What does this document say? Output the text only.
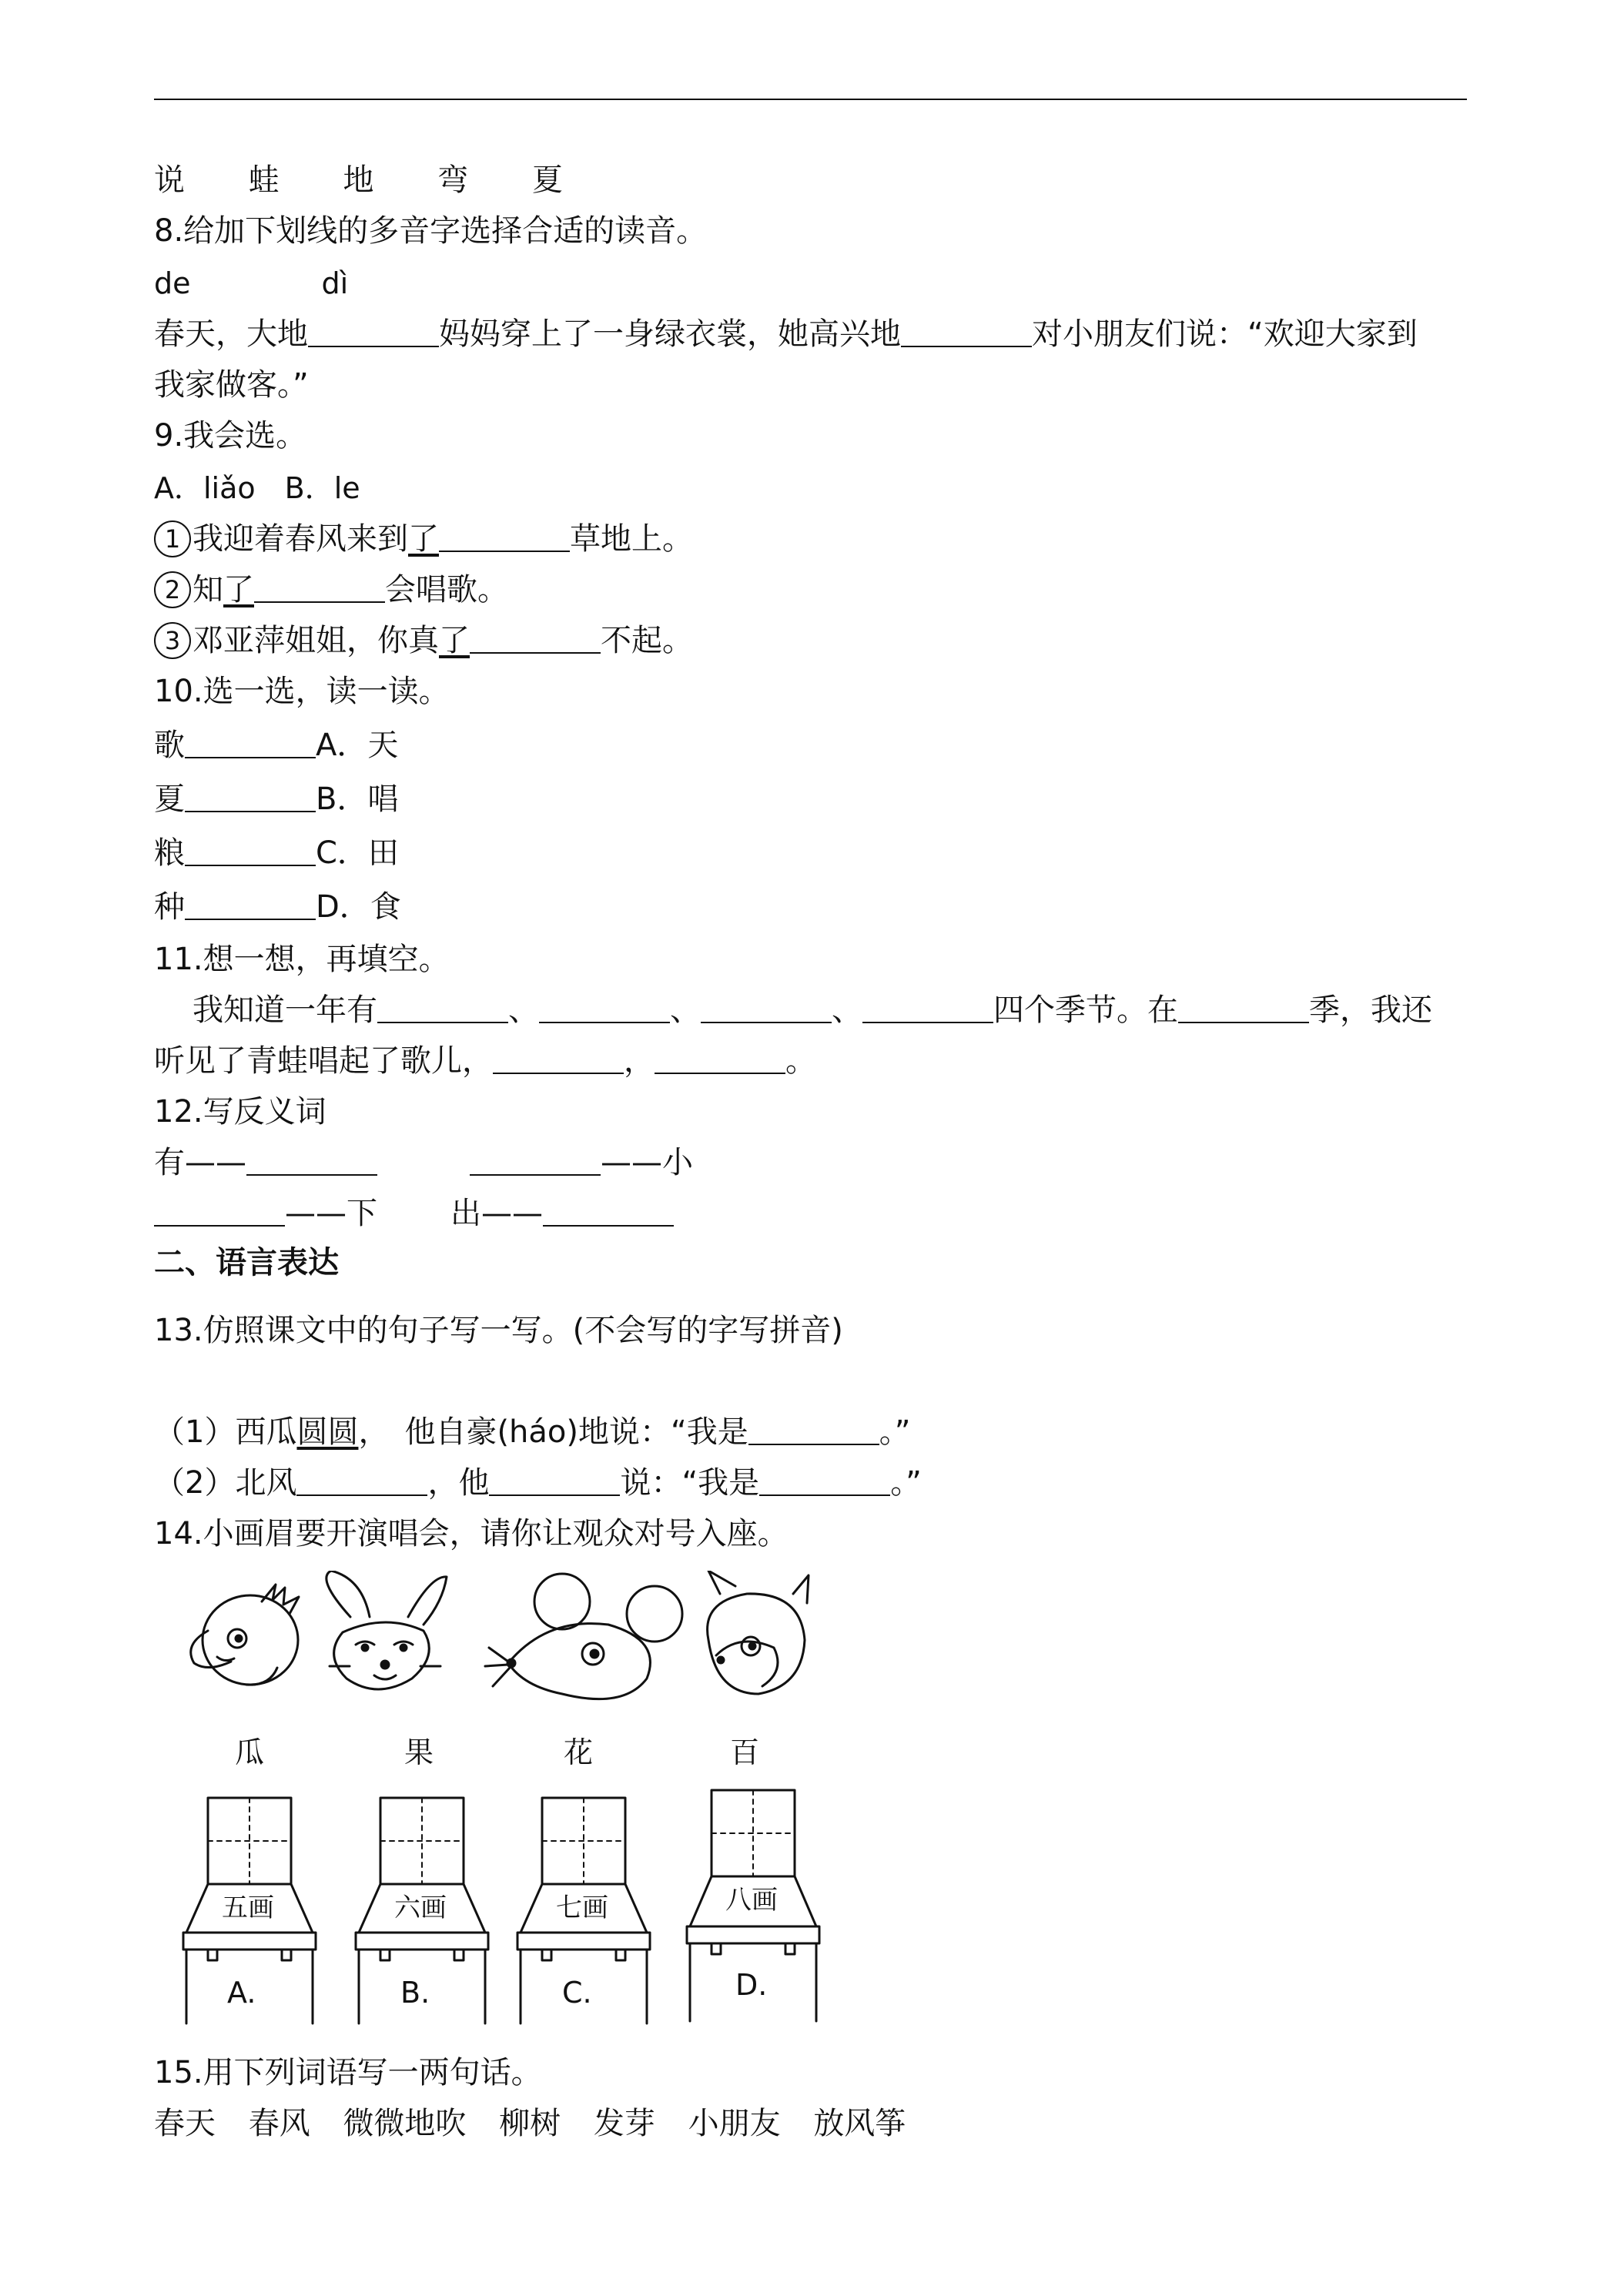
说 蛙 地 弯 夏
8.给加下划线的多音字选择合适的读音。
de	dì
春天，大地	妈妈穿上了一身绿衣裳，她高兴地	对小朋友们说：“欢迎大家到
我家做客。”
9.我会选。
A．liǎo　B．le
1 我迎着春风来到了	草地上。
2 知了	会唱歌。
3 邓亚萍姐姐，你真了	不起。
10.选一选，读一读。
歌	A．天
夏	B．唱
粮	C．田
种	D．食
11.想一想，再填空。
我知道一年有	、	、	、	四个季节。在	季，我还
听见了青蛙唱起了歌儿，	，	。
12.写反义词
有——	——小
——下 出——
二、语言表达
13.仿照课文中的句子写一写。(不会写的字写拼音)
（1）西瓜圆圆，　他自豪(háo)地说：“我是	。”
（2）北风	，他	说：“我是	。”
14.小画眉要开演唱会，请你让观众对号入座。
瓜	果	花	百
五画	六画	七画	八画
A.	B.	C.	D.
15.用下列词语写一两句话。
春天 春风 微微地吹 柳树 发芽 小朋友 放风筝
